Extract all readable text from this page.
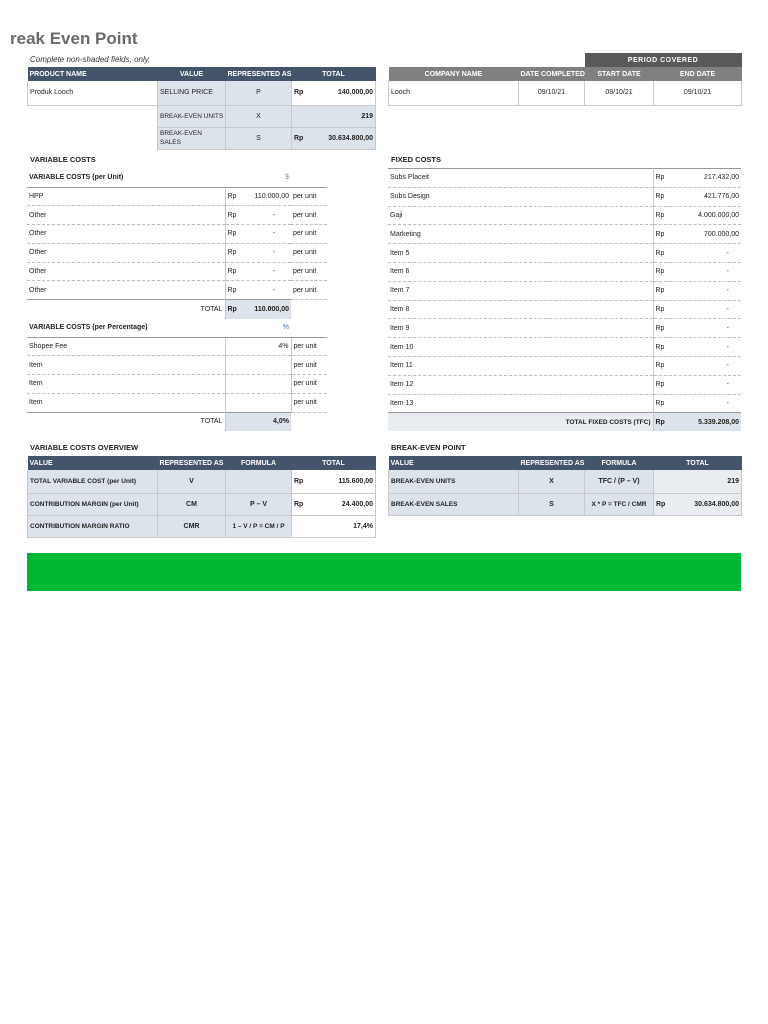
reak Even Point
Complete non-shaded fields, only.
PRODUCT NAME	VALUE	REPRESENTED AS	TOTAL
Produk Looch	SELLING PRICE	P	Rp 140.000,00

	BREAK-EVEN UNITS	X	219
	BREAK-EVEN SALES	S	Rp 30.634.800,00
		PERIOD COVERED	
COMPANY NAME	DATE COMPLETED	START DATE	END DATE
Looch	09/10/21	08/10/21	09/10/21
VARIABLE COSTS
VARIABLE COSTS (per Unit)	$	
HPP	Rp 110.000,00	per unit
Other	Rp -	per unit
Other	Rp -	per unit
Other	Rp -	per unit
Other	Rp -	per unit
Other	Rp -	per unit
TOTAL	Rp 110.000,00	

VARIABLE COSTS (per Percentage)	%	
Shopee Fee	4%	per unit
Item		per unit
Item		per unit
Item		per unit
TOTAL	4,0%	
FIXED COSTS
Subs Placeit	Rp 217.432,00

Subs Design	Rp 421.776,00

Gaji	Rp 4.000.000,00

Marketing	Rp 700.000,00

Item 5	Rp -

Item 6	Rp -

Item 7	Rp -

Item 8	Rp -

Item 9	Rp -

Item 10	Rp -

Item 11	Rp -

Item 12	Rp -

Item 13	Rp -

TOTAL FIXED COSTS (TFC)	Rp 5.339.208,00
VARIABLE COSTS OVERVIEW
VALUE	REPRESENTED AS	FORMULA	TOTAL
TOTAL VARIABLE COST (per Unit)	V		Rp 115.600,00

CONTRIBUTION MARGIN (per Unit)	CM	P – V	Rp 24.400,00

CONTRIBUTION MARGIN RATIO	CMR	1 – V / P = CM / P	17,4%
BREAK-EVEN POINT
VALUE	REPRESENTED AS	FORMULA	TOTAL
BREAK-EVEN UNITS	X	TFC / (P – V)	219
BREAK-EVEN SALES	S	X * P = TFC / CMR	Rp 30.634.800,00
